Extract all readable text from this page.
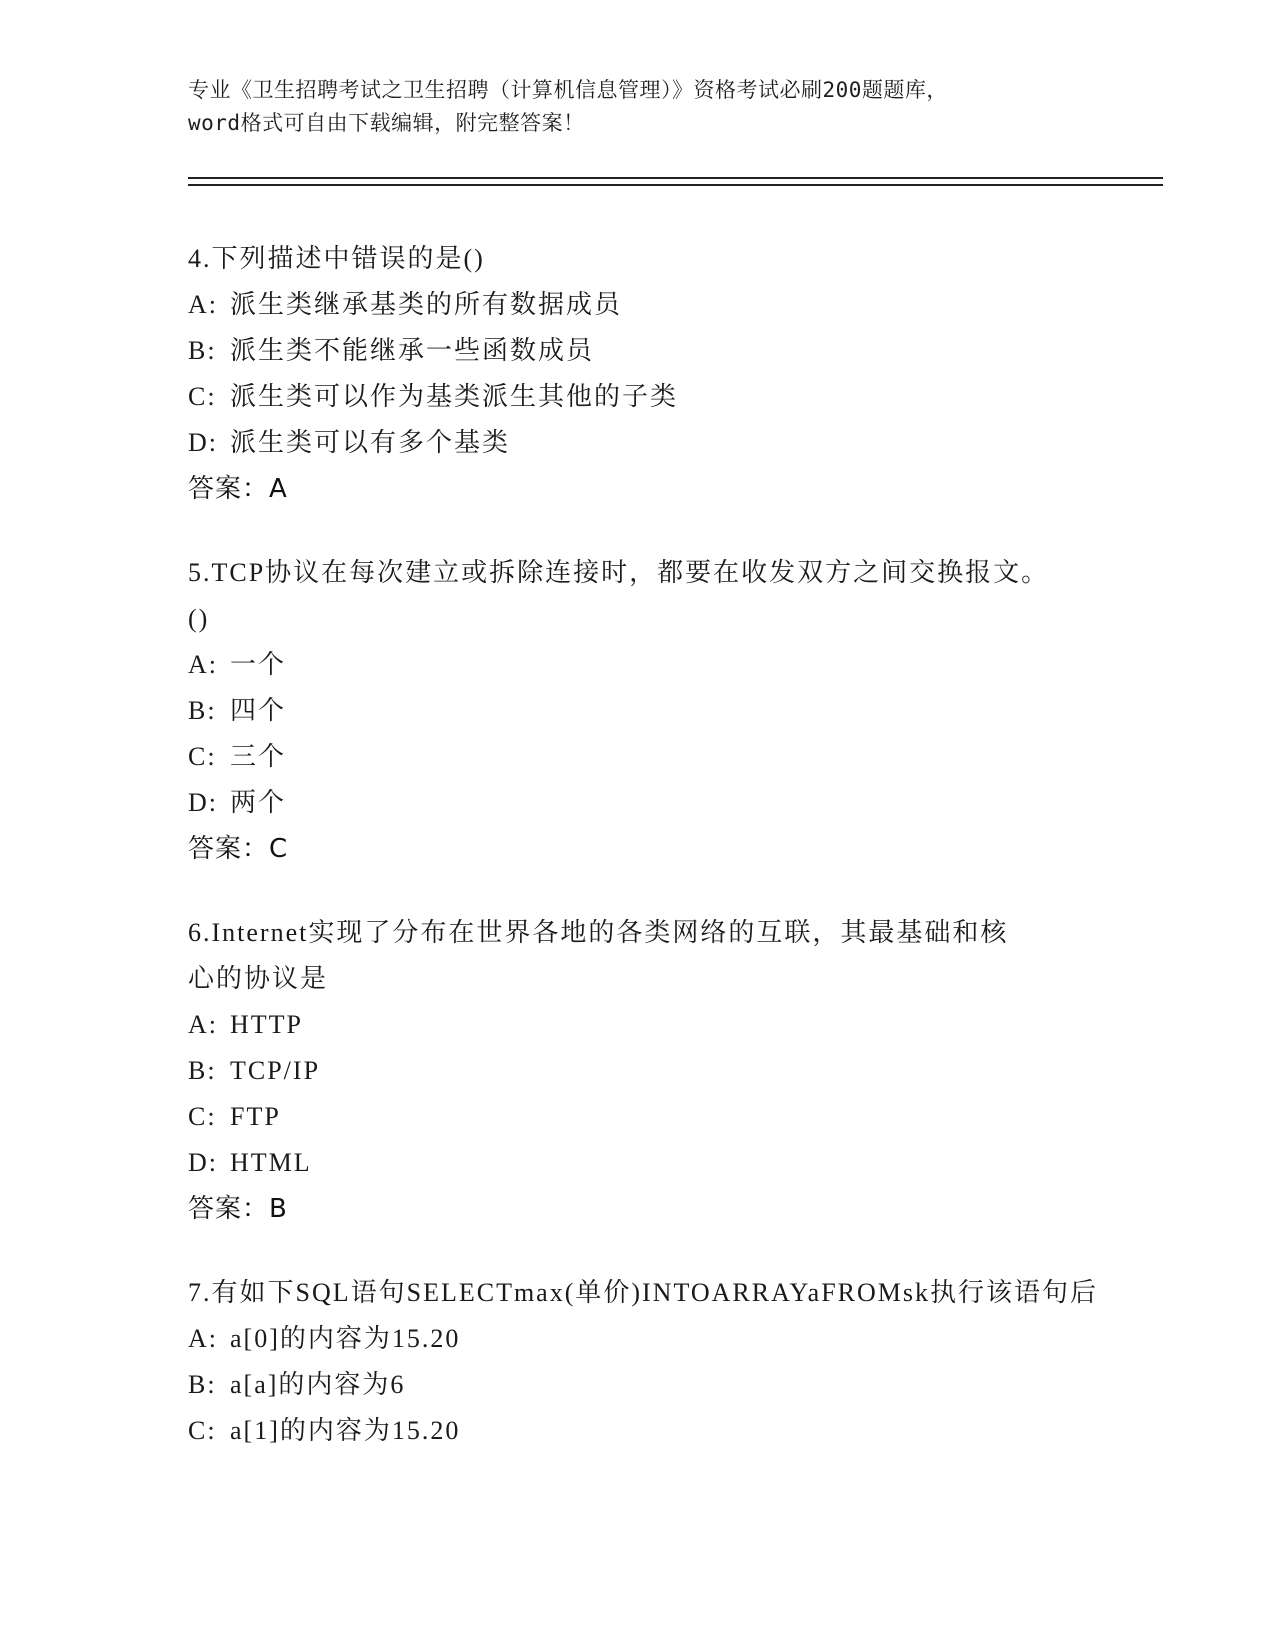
专业《卫生招聘考试之卫生招聘（计算机信息管理）》资格考试必刷200题题库，
word格式可自由下载编辑，附完整答案！
4.下列描述中错误的是()
A: 派生类继承基类的所有数据成员
B: 派生类不能继承一些函数成员
C: 派生类可以作为基类派生其他的子类
D: 派生类可以有多个基类
答案：A
5.TCP协议在每次建立或拆除连接时，都要在收发双方之间交换报文。
()
A: 一个
B: 四个
C: 三个
D: 两个
答案：C
6.Internet实现了分布在世界各地的各类网络的互联，其最基础和核
心的协议是
A: HTTP
B: TCP/IP
C: FTP
D: HTML
答案：B
7.有如下SQL语句SELECTmax(单价)INTOARRAYaFROMsk执行该语句后
A: a[0]的内容为15.20
B: a[a]的内容为6
C: a[1]的内容为15.20
